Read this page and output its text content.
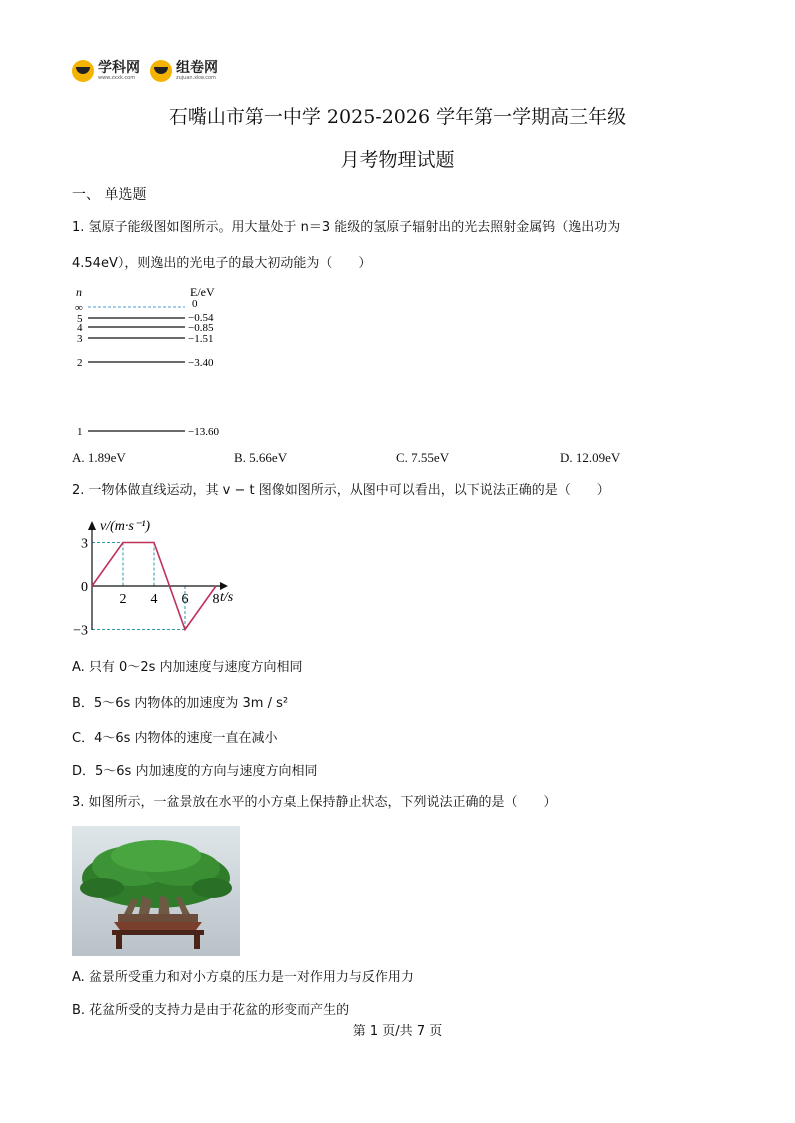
学科网
www.zxxk.com
组卷网
zujuan.xkw.com
石嘴山市第一中学 2025-2026 学年第一学期高三年级
月考物理试题
一、 单选题
1. 氢原子能级图如图所示。用大量处于 n＝3 能级的氢原子辐射出的光去照射金属钨（逸出功为
4.54eV），则逸出的光电子的最大初动能为（　　）
n	E/eV
∞	0
5	−0.54
4	−0.85
3	−1.51
2	−3.40
1	−13.60
A. 1.89eV	B. 5.66eV	C. 7.55eV	D. 12.09eV
2. 一物体做直线运动，其 v − t 图像如图所示，从图中可以看出，以下说法正确的是（　　）
v/(m·s⁻¹)
t/s
2 4 6 8
3
0
−3
A. 只有 0～2s 内加速度与速度方向相同
B．5～6s 内物体的加速度为 3m / s²
C．4～6s 内物体的速度一直在减小
D．5～6s 内加速度的方向与速度方向相同
3. 如图所示，一盆景放在水平的小方桌上保持静止状态，下列说法正确的是（　　）
A. 盆景所受重力和对小方桌的压力是一对作用力与反作用力
B. 花盆所受的支持力是由于花盆的形变而产生的
第 1 页/共 7 页
